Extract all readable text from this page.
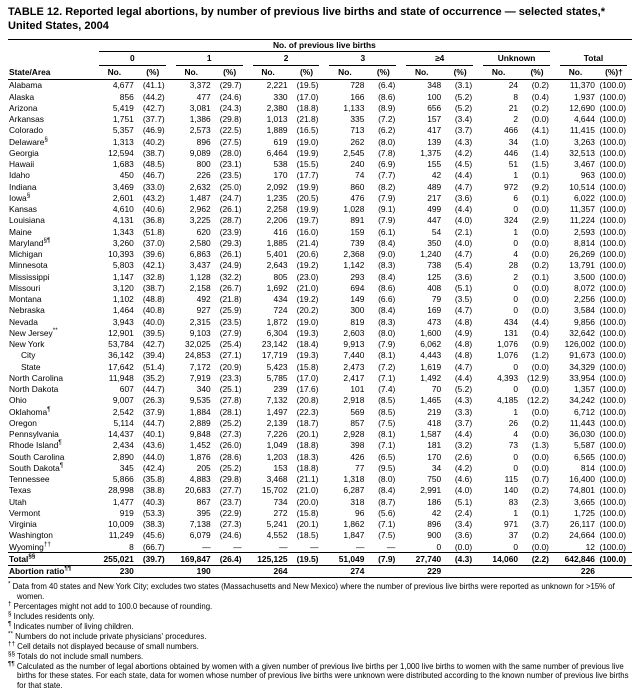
TABLE 12. Reported legal abortions, by number of previous live births and state of occurrence — selected states,* United States, 2004

	No. of previous live births													

	0		1		2		3		≥4		Unknown		Total	

State/Area	No.	(%)	No.	(%)	No.	(%)	No.	(%)	No.	(%)	No.	(%)	No.	(%)†
Alabama	4,677	(41.1)	3,372	(29.7)	2,221	(19.5)	728	(6.4)	348	(3.1)	24	(0.2)	11,370	(100.0)
Alaska	856	(44.2)	477	(24.6)	330	(17.0)	166	(8.6)	100	(5.2)	8	(0.4)	1,937	(100.0)
Arizona	5,419	(42.7)	3,081	(24.3)	2,380	(18.8)	1,133	(8.9)	656	(5.2)	21	(0.2)	12,690	(100.0)
Arkansas	1,751	(37.7)	1,386	(29.8)	1,013	(21.8)	335	(7.2)	157	(3.4)	2	(0.0)	4,644	(100.0)
Colorado	5,357	(46.9)	2,573	(22.5)	1,889	(16.5)	713	(6.2)	417	(3.7)	466	(4.1)	11,415	(100.0)
Delaware§	1,313	(40.2)	896	(27.5)	619	(19.0)	262	(8.0)	139	(4.3)	34	(1.0)	3,263	(100.0)
Georgia	12,594	(38.7)	9,089	(28.0)	6,464	(19.9)	2,545	(7.8)	1,375	(4.2)	446	(1.4)	32,513	(100.0)
Hawaii	1,683	(48.5)	800	(23.1)	538	(15.5)	240	(6.9)	155	(4.5)	51	(1.5)	3,467	(100.0)
Idaho	450	(46.7)	226	(23.5)	170	(17.7)	74	(7.7)	42	(4.4)	1	(0.1)	963	(100.0)
Indiana	3,469	(33.0)	2,632	(25.0)	2,092	(19.9)	860	(8.2)	489	(4.7)	972	(9.2)	10,514	(100.0)
Iowa§	2,601	(43.2)	1,487	(24.7)	1,235	(20.5)	476	(7.9)	217	(3.6)	6	(0.1)	6,022	(100.0)
Kansas	4,610	(40.6)	2,962	(26.1)	2,258	(19.9)	1,028	(9.1)	499	(4.4)	0	(0.0)	11,357	(100.0)
Louisiana	4,131	(36.8)	3,225	(28.7)	2,206	(19.7)	891	(7.9)	447	(4.0)	324	(2.9)	11,224	(100.0)
Maine	1,343	(51.8)	620	(23.9)	416	(16.0)	159	(6.1)	54	(2.1)	1	(0.0)	2,593	(100.0)
Maryland§¶	3,260	(37.0)	2,580	(29.3)	1,885	(21.4)	739	(8.4)	350	(4.0)	0	(0.0)	8,814	(100.0)
Michigan	10,393	(39.6)	6,863	(26.1)	5,401	(20.6)	2,368	(9.0)	1,240	(4.7)	4	(0.0)	26,269	(100.0)
Minnesota	5,803	(42.1)	3,437	(24.9)	2,643	(19.2)	1,142	(8.3)	738	(5.4)	28	(0.2)	13,791	(100.0)
Mississippi	1,147	(32.8)	1,128	(32.2)	805	(23.0)	293	(8.4)	125	(3.6)	2	(0.1)	3,500	(100.0)
Missouri	3,120	(38.7)	2,158	(26.7)	1,692	(21.0)	694	(8.6)	408	(5.1)	0	(0.0)	8,072	(100.0)
Montana	1,102	(48.8)	492	(21.8)	434	(19.2)	149	(6.6)	79	(3.5)	0	(0.0)	2,256	(100.0)
Nebraska	1,464	(40.8)	927	(25.9)	724	(20.2)	300	(8.4)	169	(4.7)	0	(0.0)	3,584	(100.0)
Nevada	3,943	(40.0)	2,315	(23.5)	1,872	(19.0)	819	(8.3)	473	(4.8)	434	(4.4)	9,856	(100.0)
New Jersey**	12,901	(39.5)	9,103	(27.9)	6,304	(19.3)	2,603	(8.0)	1,600	(4.9)	131	(0.4)	32,642	(100.0)
New York	53,784	(42.7)	32,025	(25.4)	23,142	(18.4)	9,913	(7.9)	6,062	(4.8)	1,076	(0.9)	126,002	(100.0)
City	36,142	(39.4)	24,853	(27.1)	17,719	(19.3)	7,440	(8.1)	4,443	(4.8)	1,076	(1.2)	91,673	(100.0)
State	17,642	(51.4)	7,172	(20.9)	5,423	(15.8)	2,473	(7.2)	1,619	(4.7)	0	(0.0)	34,329	(100.0)
North Carolina	11,948	(35.2)	7,919	(23.3)	5,785	(17.0)	2,417	(7.1)	1,492	(4.4)	4,393	(12.9)	33,954	(100.0)
North Dakota	607	(44.7)	340	(25.1)	239	(17.6)	101	(7.4)	70	(5.2)	0	(0.0)	1,357	(100.0)
Ohio	9,007	(26.3)	9,535	(27.8)	7,132	(20.8)	2,918	(8.5)	1,465	(4.3)	4,185	(12.2)	34,242	(100.0)
Oklahoma¶	2,542	(37.9)	1,884	(28.1)	1,497	(22.3)	569	(8.5)	219	(3.3)	1	(0.0)	6,712	(100.0)
Oregon	5,114	(44.7)	2,889	(25.2)	2,139	(18.7)	857	(7.5)	418	(3.7)	26	(0.2)	11,443	(100.0)
Pennsylvania	14,437	(40.1)	9,848	(27.3)	7,226	(20.1)	2,928	(8.1)	1,587	(4.4)	4	(0.0)	36,030	(100.0)
Rhode Island¶	2,434	(43.6)	1,452	(26.0)	1,049	(18.8)	398	(7.1)	181	(3.2)	73	(1.3)	5,587	(100.0)
South Carolina	2,890	(44.0)	1,876	(28.6)	1,203	(18.3)	426	(6.5)	170	(2.6)	0	(0.0)	6,565	(100.0)
South Dakota¶	345	(42.4)	205	(25.2)	153	(18.8)	77	(9.5)	34	(4.2)	0	(0.0)	814	(100.0)
Tennessee	5,866	(35.8)	4,883	(29.8)	3,468	(21.1)	1,318	(8.0)	750	(4.6)	115	(0.7)	16,400	(100.0)
Texas	28,998	(38.8)	20,683	(27.7)	15,702	(21.0)	6,287	(8.4)	2,991	(4.0)	140	(0.2)	74,801	(100.0)
Utah	1,477	(40.3)	867	(23.7)	734	(20.0)	318	(8.7)	186	(5.1)	83	(2.3)	3,665	(100.0)
Vermont	919	(53.3)	395	(22.9)	272	(15.8)	96	(5.6)	42	(2.4)	1	(0.1)	1,725	(100.0)
Virginia	10,009	(38.3)	7,138	(27.3)	5,241	(20.1)	1,862	(7.1)	896	(3.4)	971	(3.7)	26,117	(100.0)
Washington	11,249	(45.6)	6,079	(24.6)	4,552	(18.5)	1,847	(7.5)	900	(3.6)	37	(0.2)	24,664	(100.0)
Wyoming††	8	(66.7)	—	—	—	—	—	—	0	(0.0)	0	(0.0)	12	(100.0)
Total§§	255,021	(39.7)	169,847	(26.4)	125,125	(19.5)	51,049	(7.9)	27,740	(4.3)	14,060	(2.2)	642,846	(100.0)
Abortion ratio¶¶	230		190		264		274		229				226	
* Data from 40 states and New York City; excludes two states (Massachusetts and New Mexico) where the number of previous live births were reported as unknown for >15% of women.
† Percentages might not add to 100.0 because of rounding.
§ Includes residents only.
¶ Indicates number of living children.
** Numbers do not include private physicians' procedures.
†† Cell details not displayed because of small numbers.
§§ Totals do not include small numbers.
¶¶ Calculated as the number of legal abortions obtained by women with a given number of previous live births per 1,000 live births to women with the same number of previous live births for these states. For each state, data for women whose number of previous live births were unknown were distributed according to the known number of previous live births for that state.
